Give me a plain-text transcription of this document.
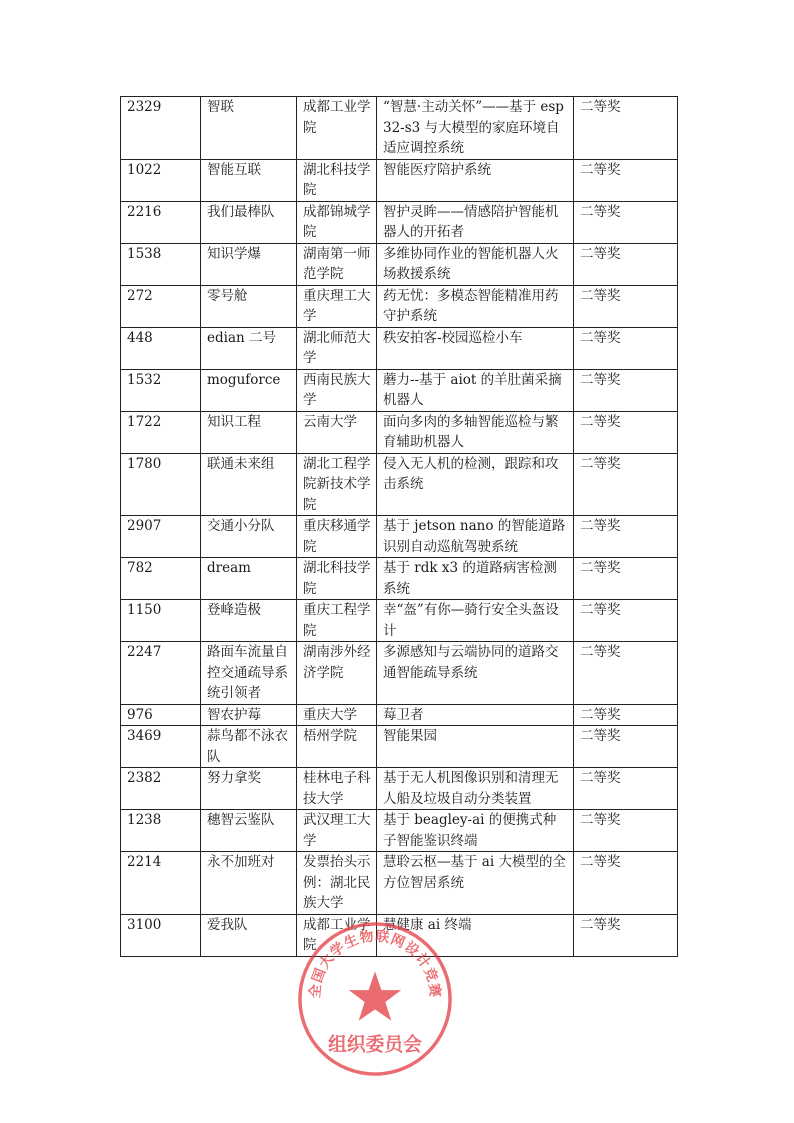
2329	智联	成都工业学院	“智慧·主动关怀”——基于 esp32-s3 与大模型的家庭环境自适应调控系统	二等奖
1022	智能互联	湖北科技学院	智能医疗陪护系统	二等奖
2216	我们最棒队	成都锦城学院	智护灵眸——情感陪护智能机器人的开拓者	二等奖
1538	知识学爆	湖南第一师范学院	多维协同作业的智能机器人火场救援系统	二等奖
272	零号舱	重庆理工大学	药无忧：多模态智能精准用药守护系统	二等奖
448	edian 二号	湖北师范大学	秩安拍客-校园巡检小车	二等奖
1532	moguforce	西南民族大学	蘑力--基于 aiot 的羊肚菌采摘机器人	二等奖
1722	知识工程	云南大学	面向多肉的多轴智能巡检与繁育辅助机器人	二等奖
1780	联通未来组	湖北工程学院新技术学院	侵入无人机的检测，跟踪和攻击系统	二等奖
2907	交通小分队	重庆移通学院	基于 jetson nano 的智能道路识别自动巡航驾驶系统	二等奖
782	dream	湖北科技学院	基于 rdk x3 的道路病害检测系统	二等奖
1150	登峰造极	重庆工程学院	幸“盔”有你—骑行安全头盔设计	二等奖
2247	路面车流量自控交通疏导系统引领者	湖南涉外经济学院	多源感知与云端协同的道路交通智能疏导系统	二等奖
976	智农护莓	重庆大学	莓卫者	二等奖
3469	蒜鸟都不泳衣队	梧州学院	智能果园	二等奖
2382	努力拿奖	桂林电子科技大学	基于无人机图像识别和清理无人船及垃圾自动分类装置	二等奖
1238	穗智云鉴队	武汉理工大学	基于 beagley-ai 的便携式种子智能鉴识终端	二等奖
2214	永不加班对	发票抬头示例：湖北民族大学	慧聆云枢—基于 ai 大模型的全方位智居系统	二等奖
3100	爱我队	成都工业学院	慧健康 ai 终端	二等奖
全国大学生物联网设计竞赛
组织委员会
